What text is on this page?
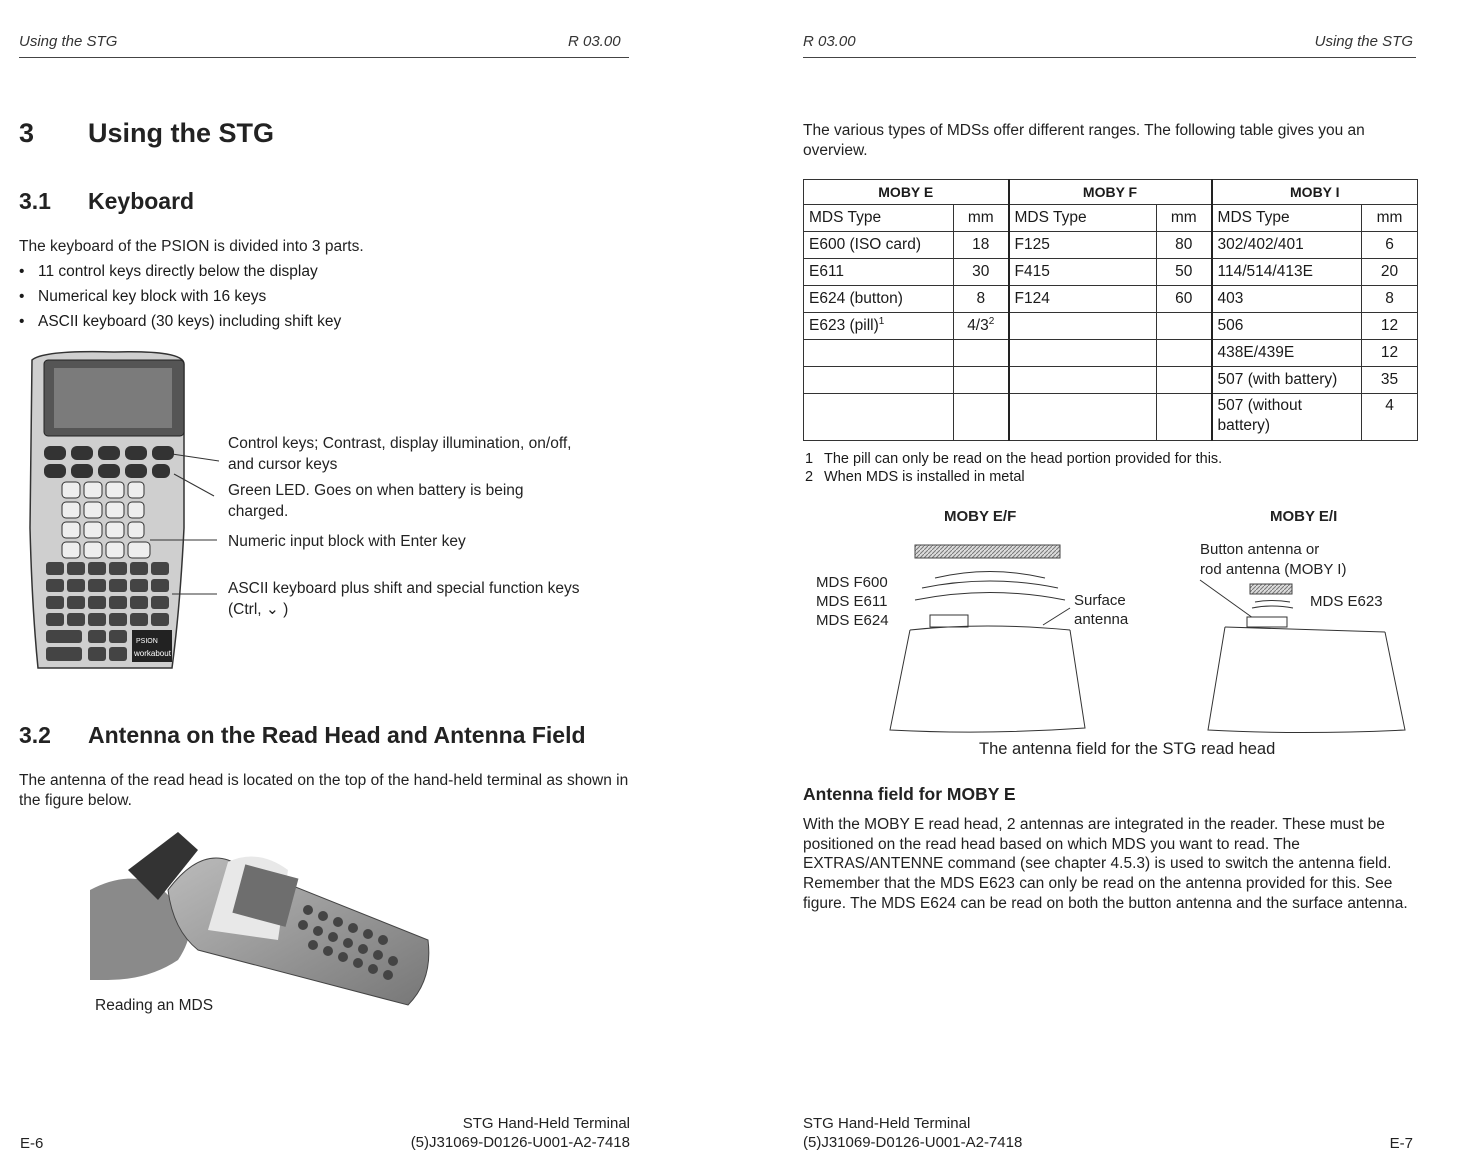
Using the STG	R 03.00
3 Using the STG
3.1 Keyboard
The keyboard of the PSION is divided into 3 parts.
• 11 control keys directly below the display
• Numerical key block with 16 keys
• ASCII keyboard (30 keys) including shift key
PSION
workabout
Control keys; Contrast, display illumination, on/off, and cursor keys
Green LED. Goes on when battery is being charged.
Numeric input block with Enter key
ASCII keyboard plus shift and special function keys (Ctrl, ⌄ )
3.2 Antenna on the Read Head and Antenna Field
The antenna of the read head is located on the top of the hand-held terminal as shown in the figure below.
Reading an MDS
E-6
STG Hand-Held Terminal
(5)J31069-D0126-U001-A2-7418
R 03.00	Using the STG
The various types of MDSs offer different ranges. The following table gives you an overview.
MOBY E		MOBY F		MOBY I	
MDS Type	mm	MDS Type	mm	MDS Type	mm
E600 (ISO card)	18	F125	80	302/402/401	6
E611	30	F415	50	114/514/413E	20
E624 (button)	8	F124	60	403	8
E623 (pill)$^1$	$4/3^2$			506	12
				438E/439E	12
				507 (with battery)	35
				507 (without battery)	4
1 The pill can only be read on the head portion provided for this.
2 When MDS is installed in metal
MOBY E/F	MOBY E/I
MDS F600
MDS E611
MDS E624
Surface
antenna
Button antenna or
rod antenna (MOBY I)
MDS E623
The antenna field for the STG read head
Antenna field for MOBY E
With the MOBY E read head, 2 antennas are integrated in the reader. These must be positioned on the read head based on which MDS you want to read. The EXTRAS/ANTENNE command (see chapter 4.5.3) is used to switch the antenna field. Remember that the MDS E623 can only be read on the antenna provided for this. See figure. The MDS E624 can be read on both the button antenna and the surface antenna.
STG Hand-Held Terminal
(5)J31069-D0126-U001-A2-7418	E-7
